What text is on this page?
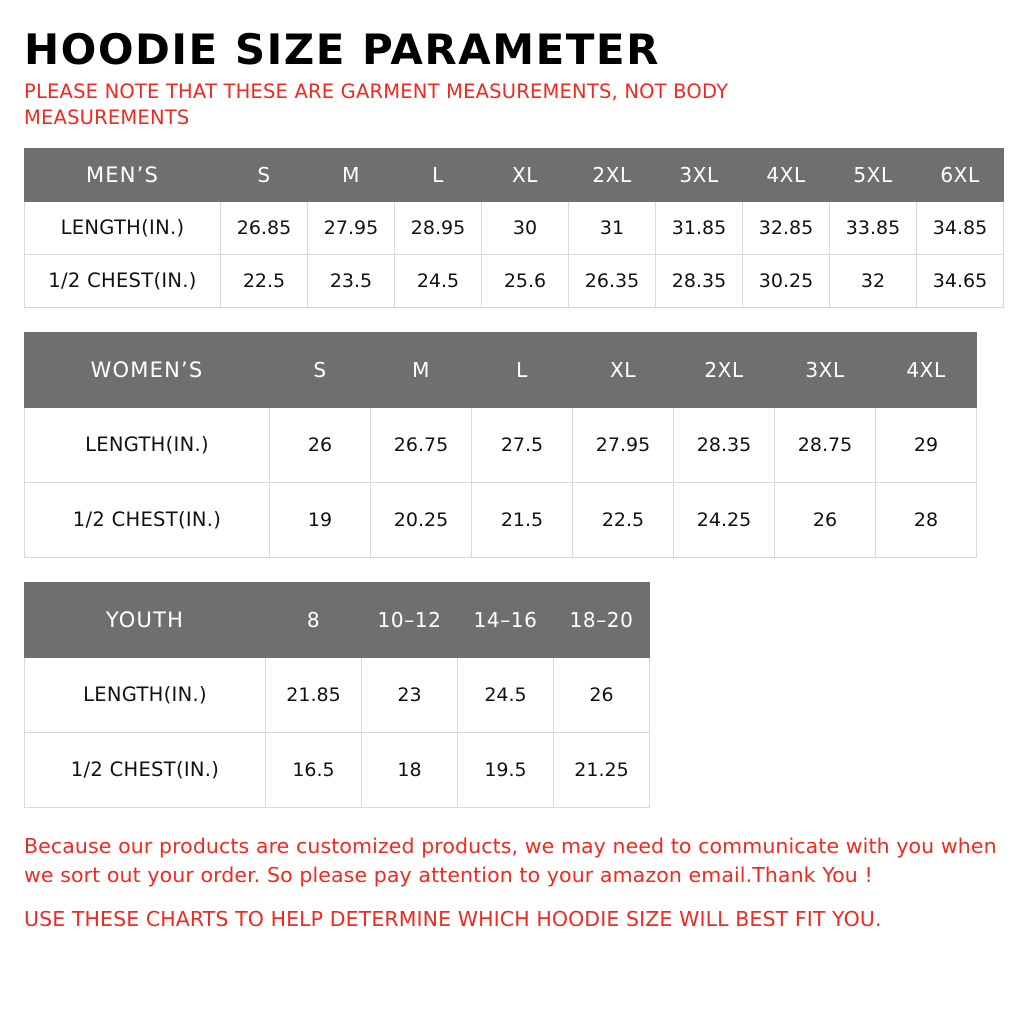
HOODIE SIZE PARAMETER
PLEASE NOTE THAT THESE ARE GARMENT MEASUREMENTS, NOT BODY MEASUREMENTS
MEN’S	S	M	L	XL	2XL	3XL	4XL	5XL	6XL
LENGTH(IN.)	26.85	27.95	28.95	30	31	31.85	32.85	33.85	34.85
1/2 CHEST(IN.)	22.5	23.5	24.5	25.6	26.35	28.35	30.25	32	34.65
WOMEN’S	S	M	L	XL	2XL	3XL	4XL
LENGTH(IN.)	26	26.75	27.5	27.95	28.35	28.75	29
1/2 CHEST(IN.)	19	20.25	21.5	22.5	24.25	26	28
YOUTH	8	10–12	14–16	18–20
LENGTH(IN.)	21.85	23	24.5	26
1/2 CHEST(IN.)	16.5	18	19.5	21.25

Because our products are customized products, we may need to communicate with you when we sort out your order. So please pay attention to your amazon email.Thank You !

USE THESE CHARTS TO HELP DETERMINE WHICH HOODIE SIZE WILL BEST FIT YOU.
